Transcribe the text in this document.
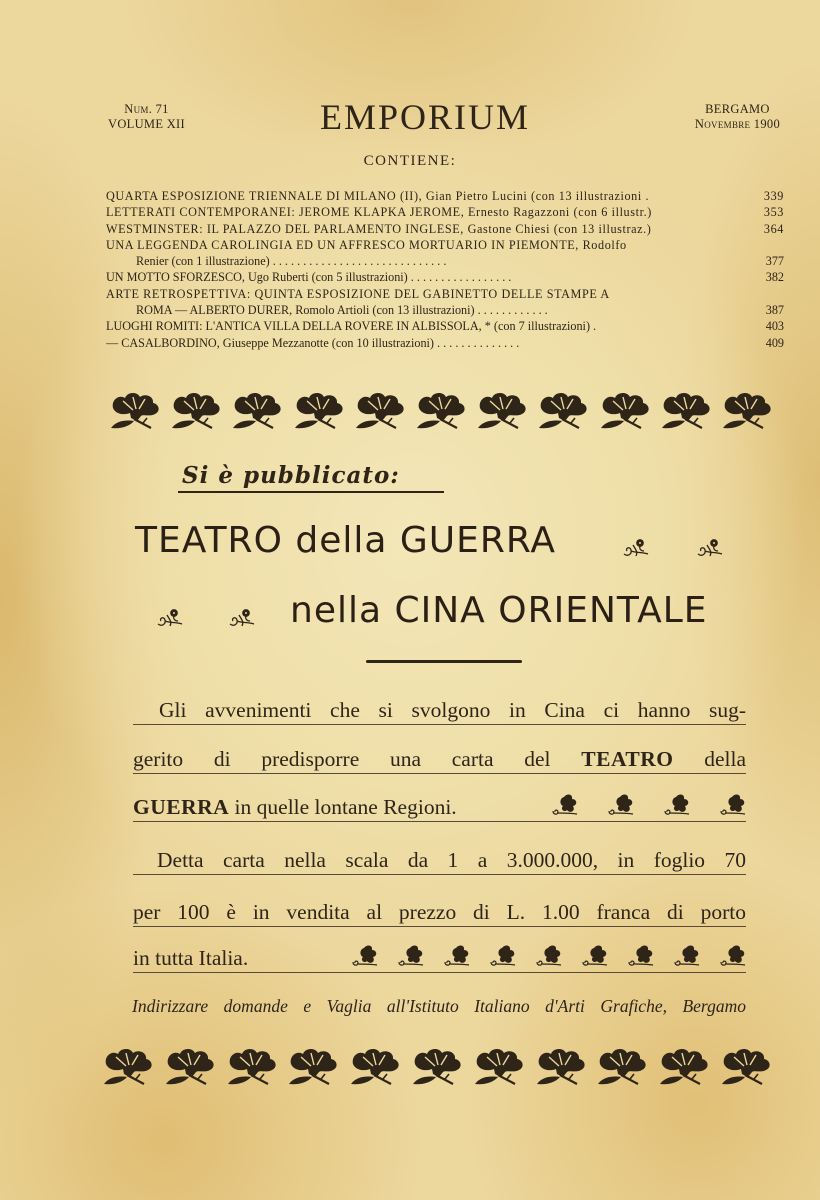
Num. 71
VOLUME XII	EMPORIUM	BERGAMO
Novembre 1900
CONTIENE:
QUARTA ESPOSIZIONE TRIENNALE DI MILANO (II), Gian Pietro Lucini (con 13 illustrazioni .	339
LETTERATI CONTEMPORANEI: JEROME KLAPKA JEROME, Ernesto Ragazzoni (con 6 illustr.)	353
WESTMINSTER: IL PALAZZO DEL PARLAMENTO INGLESE, Gastone Chiesi (con 13 illustraz.)	364
UNA LEGGENDA CAROLINGIA ED UN AFFRESCO MORTUARIO IN PIEMONTE, Rodolfo
Renier (con 1 illustrazione) . . . . . . . . . . . . . . . . . . . . . . . . . . . . .	377
UN MOTTO SFORZESCO, Ugo Ruberti (con 5 illustrazioni) . . . . . . . . . . . . . . . . .	382
ARTE RETROSPETTIVA: QUINTA ESPOSIZIONE DEL GABINETTO DELLE STAMPE A
ROMA — ALBERTO DURER, Romolo Artioli (con 13 illustrazioni) . . . . . . . . . . . .	387
LUOGHI ROMITI: L'ANTICA VILLA DELLA ROVERE IN ALBISSOLA, * (con 7 illustrazioni) .	403
— CASALBORDINO, Giuseppe Mezzanotte (con 10 illustrazioni) . . . . . . . . . . . . . .	409
Si è pubblicato:
TEATRO della GUERRA
nella CINA ORIENTALE
Gli avvenimenti che si svolgono in Cina ci hanno sug-
gerito di predisporre una carta del TEATRO della
GUERRA in quelle lontane Regioni.
Detta carta nella scala da 1 a 3.000.000, in foglio 70
per 100 è in vendita al prezzo di L. 1.00 franca di porto
in tutta Italia.
Indirizzare domande e Vaglia all'Istituto Italiano d'Arti Grafiche, Bergamo
